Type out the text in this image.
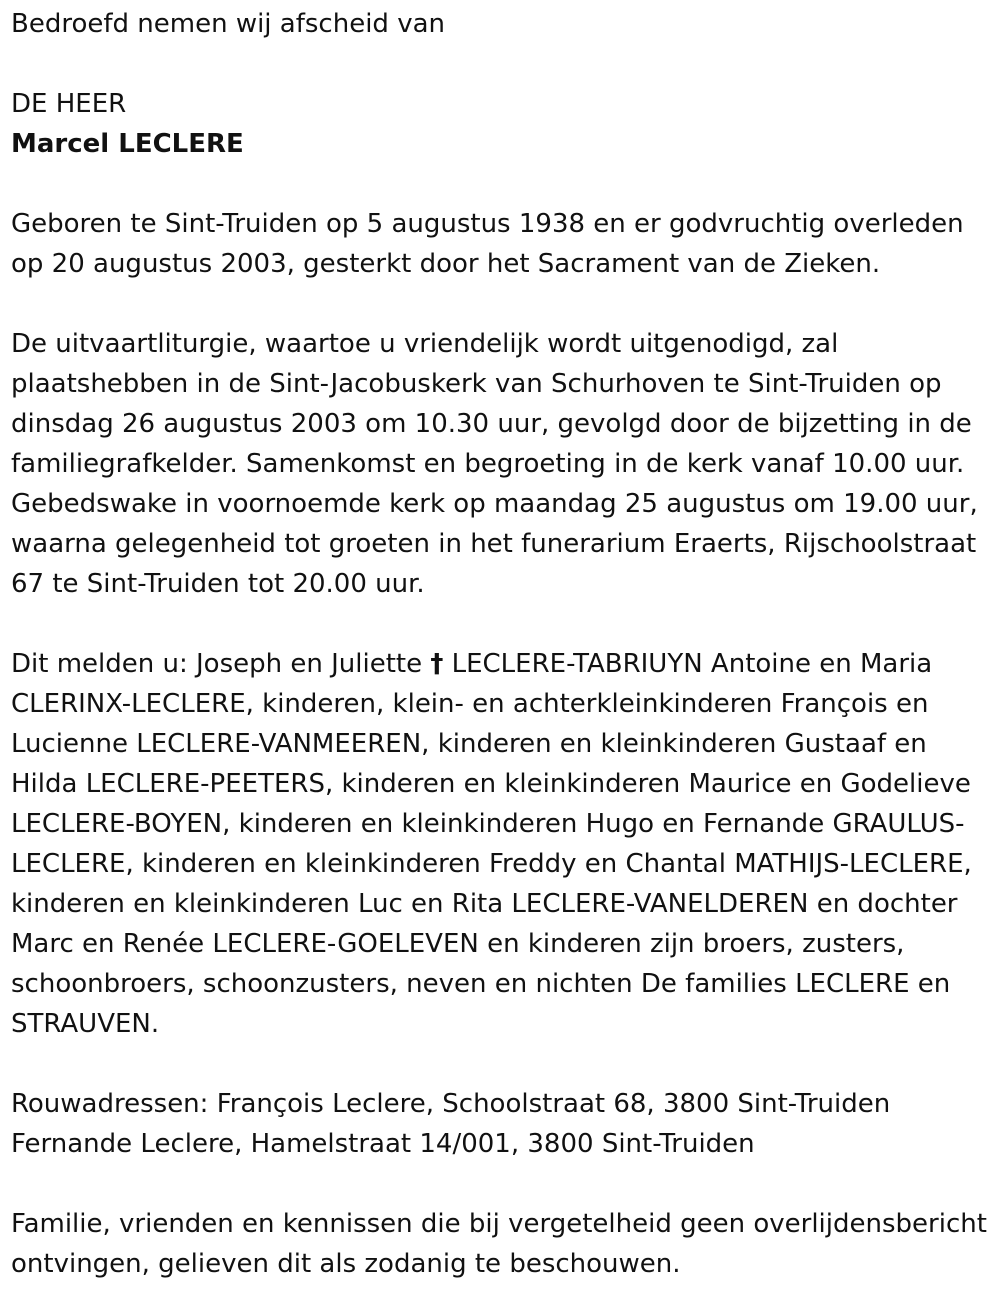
Bedroefd nemen wij afscheid van

DE HEER

Marcel LECLERE

Geboren te Sint-Truiden op 5 augustus 1938 en er godvruchtig overleden op 20 augustus 2003, gesterkt door het Sacrament van de Zieken.

De uitvaartliturgie, waartoe u vriendelijk wordt uitgenodigd, zal plaatshebben in de Sint-Jacobuskerk van Schurhoven te Sint-Truiden op dinsdag 26 augustus 2003 om 10.30 uur, gevolgd door de bijzetting in de familiegrafkelder. Samenkomst en begroeting in de kerk vanaf 10.00 uur. Gebedswake in voornoemde kerk op maandag 25 augustus om 19.00 uur, waarna gelegenheid tot groeten in het funerarium Eraerts, Rijschoolstraat 67 te Sint-Truiden tot 20.00 uur.

Dit melden u: Joseph en Juliette † LECLERE-TABRIUYN Antoine en Maria CLERINX-LECLERE, kinderen, klein- en achterkleinkinderen François en Lucienne LECLERE-VANMEEREN, kinderen en kleinkinderen Gustaaf en Hilda LECLERE-PEETERS, kinderen en kleinkinderen Maurice en Godelieve LECLERE-BOYEN, kinderen en kleinkinderen Hugo en Fernande GRAULUS-LECLERE, kinderen en kleinkinderen Freddy en Chantal MATHIJS-LECLERE, kinderen en kleinkinderen Luc en Rita LECLERE-VANELDEREN en dochter Marc en Renée LECLERE-GOELEVEN en kinderen zijn broers, zusters, schoonbroers, schoonzusters, neven en nichten De families LECLERE en STRAUVEN.

Rouwadressen: François Leclere, Schoolstraat 68, 3800 Sint-Truiden
Fernande Leclere, Hamelstraat 14/001, 3800 Sint-Truiden

Familie, vrienden en kennissen die bij vergetelheid geen overlijdensbericht ontvingen, gelieven dit als zodanig te beschouwen.
